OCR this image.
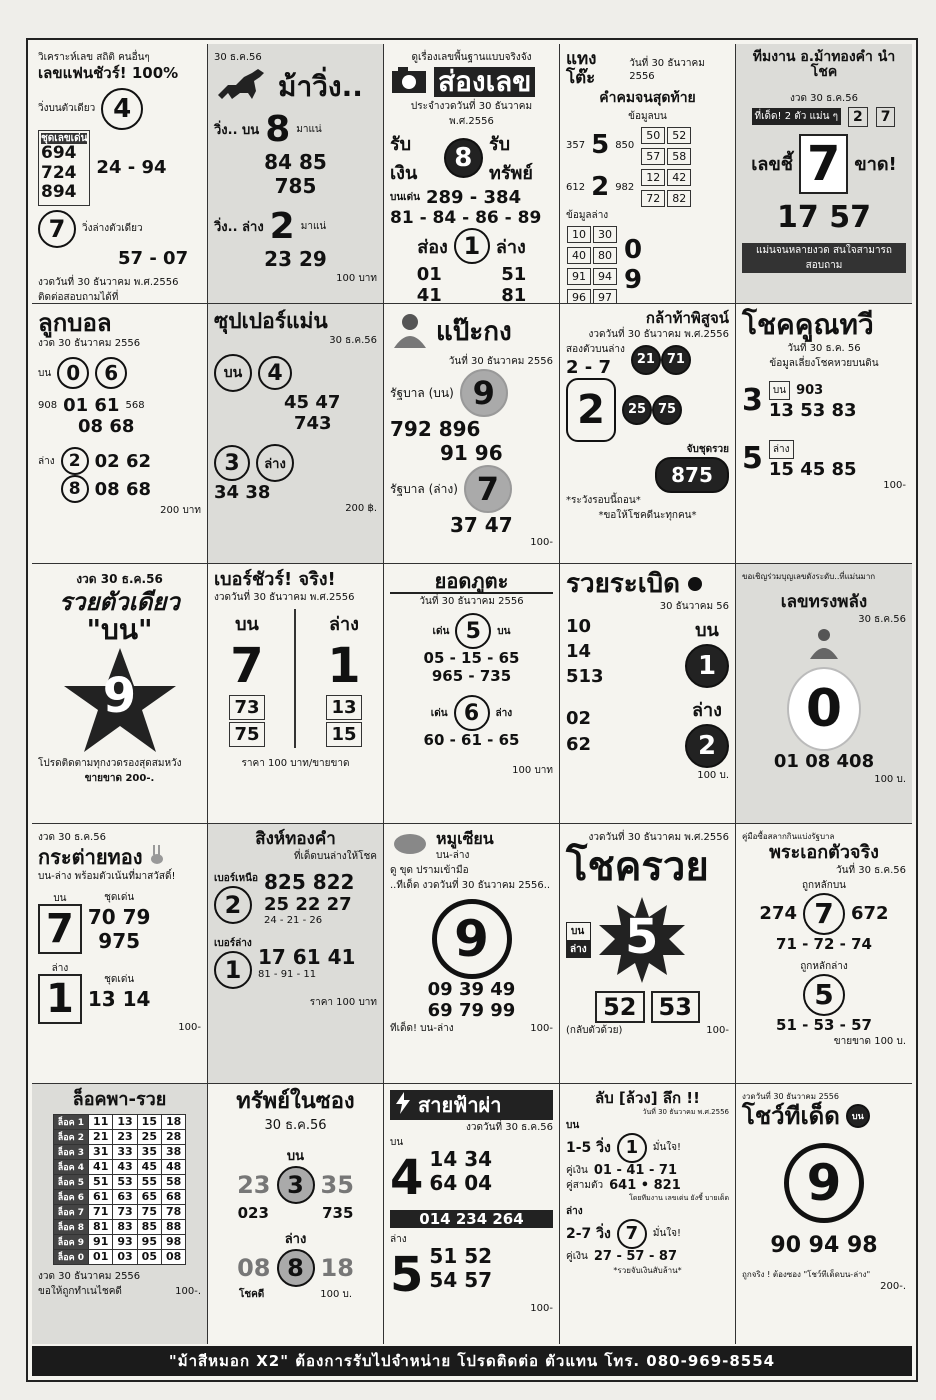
วิเคราะห์เลข สถิติ คนอื่นๆ
เลขแฟนชัวร์! 100%
วิ่งบนตัวเดียว 4
ชุดเลขเด่น
694
724
894
24 - 94
7	วิ่งล่างตัวเดียว
57 - 07
งวดวันที่ 30 ธันวาคม พ.ศ.2556
ติดต่อสอบถามได้ที่
30 ธ.ค.56
ม้าวิ่ง..
วิ่ง.. บน 8 มาแน่
84 85
785
วิ่ง.. ล่าง 2 มาแน่
23 29
100 บาท
ดูเรื่องเลขพื้นฐานแบบจริงจัง
ส่องเลข
ประจำงวดวันที่ 30 ธันวาคม พ.ศ.2556
รับเงิน
8 รับทรัพย์
บนเด่น 289 - 384
81 - 84 - 86 - 89
ส่อง 1 ล่าง
01	51
41	81
แทงโต๊ะ
วันที่ 30 ธันวาคม 2556
คำคมจนสุดท้าย
ข้อมูลบน
357 5 850
50 52
57 58
612 2 982
12 42
72 82
ข้อมูลล่าง
10 30
40 80
91 94
96 97
0
9
ทีมงาน อ.ม้าทองคำ นำโชค
งวด 30 ธ.ค.56
ที่เด็ด! 2 ตัว แม่น ๆ	2	7
เลขชี้ 7 ขาด!
17 57
แม่นจนหลายงวด สนใจสามารถสอบถาม
ลูกบอล
งวด 30 ธันวาคม 2556
บน 0	6
908 01 61 568
08 68
ล่าง 2 02 62
8 08 68
200 บาท
ซุปเปอร์แม่น
30 ธ.ค.56
บน	4
45 47
743
3	ล่าง
34 38
200 ฿.
แป๊ะกง
วันที่ 30 ธันวาคม 2556
รัฐบาล (บน) 9
792 896
91 96
รัฐบาล (ล่าง) 7
37 47
100-
กล้าท้าพิสูจน์
งวดวันที่ 30 ธันวาคม พ.ศ.2556
สองตัวบนล่าง
2 - 7	21 71
2	25 75
จับชุดรวย
875
*ระวังรอบนี้ถอน*
*ขอให้โชคดีนะทุกคน*
โชคคูณทวี
วันที่ 30 ธ.ค. 56
ข้อมูลเลี่ยงโชคหวยบนดิน
3	บน 903
13 53 83
5	ล่าง
15 45 85
100-
งวด 30 ธ.ค.56
รวยตัวเดียว
"บน"
9
โปรดติดตามทุกงวดรองสุดสมหวัง
ขายขาด 200-.
เบอร์ชัวร์! จริง!
งวดวันที่ 30 ธันวาคม พ.ศ.2556
บน
7
73
75
ล่าง
1
13
15
ราคา 100 บาท/ขายขาด
ยอดภูตะ
วันที่ 30 ธันวาคม 2556
เด่น 5	บน
05 - 15 - 65
965 - 735
เด่น 6	ล่าง
60 - 61 - 65
100 บาท
รวยระเบิด
30 ธันวาคม 56
10
14
513
บน
1
02
62
ล่าง
2
100 บ.
ขอเชิญร่วมบุญเลขดังระดับ..ที่แม่นมาก
เลขทรงพลัง
30 ธ.ค.56
0
01 08 408
100 บ.
งวด 30 ธ.ค.56
กระต่ายทอง
บน-ล่าง พร้อมตัวเน้นที่มาสวัสดิ์!
บน
7
ชุดเด่น
70 79
975
ล่าง
1	ชุดเด่น
13 14
100-
สิงห์ทองคำ
ที่เด็ดบนล่างให้โชค
เบอร์เหนือ
2
825 822
25 22 27
24 - 21 - 26
เบอร์ล่าง
1 17 61 41
81 - 91 - 11
ราคา 100 บาท
หมูเซียน
บน-ล่าง
ดู ขุด ปรามเข้ามือ
..ทีเด็ด งวดวันที่ 30 ธันวาคม 2556..
9
09 39 49
69 79 99
ทีเด็ด! บน-ล่าง	100-
งวดวันที่ 30 ธันวาคม พ.ศ.2556
โชครวย
บน
ล่าง 5
52 53
(กลับตัวด้วย)	100-
คู่มือซื้อสลากกินแบ่งรัฐบาล
พระเอกตัวจริง
วันที่ 30 ธ.ค.56
ถูกหลักบน
274 7 672
71 - 72 - 74
ถูกหลักล่าง
5
51 - 53 - 57
ขายขาด 100 บ.
ล็อคพา-รวย
ล็อค 1	11	13	15	18
ล็อค 2	21	23	25	28
ล็อค 3	31	33	35	38
ล็อค 4	41	43	45	48
ล็อค 5	51	53	55	58
ล็อค 6	61	63	65	68
ล็อค 7	71	73	75	78
ล็อค 8	81	83	85	88
ล็อค 9	91	93	95	98
ล็อค 0	01	03	05	08
งวด 30 ธันวาคม 2556
ขอให้ถูกทำเนไชคดี	100-.
ทรัพย์ในซอง
30 ธ.ค.56
บน
23 3 35
023	735
ล่าง
08 8 18
โชคดี	100 บ.
สายฟ้าผ่า
งวดวันที่ 30 ธ.ค.56
บน
4 14 34
64 04
014 234 264
ล่าง
5 51 52
54 57
100-
ลับ [ล้วง] ลึก !!
วันที่ 30 ธันวาคม พ.ศ.2556
บน
1-5 วิ่ง 1	มั่นใจ!
คู่เงิน 01 - 41 - 71
คู่สามตัว 641 • 821
โดยทีมงาน เลขเด่น ยังชี้ บายเด็ด
ล่าง
2-7 วิ่ง 7	มั่นใจ!
คู่เงิน 27 - 57 - 87
*รวยจับเงินสับล้าน*
งวดวันที่ 30 ธันวาคม 2556
โชว์ทีเด็ด	บน
9
90 94 98
ถูกจริง ! ต้องซอง "โชว์ทีเด็ดบน-ล่าง"
200-.
"ม้าสีหมอก X2" ต้องการรับไปจำหน่าย โปรดติดต่อ ตัวแทน โทร. 080-969-8554
